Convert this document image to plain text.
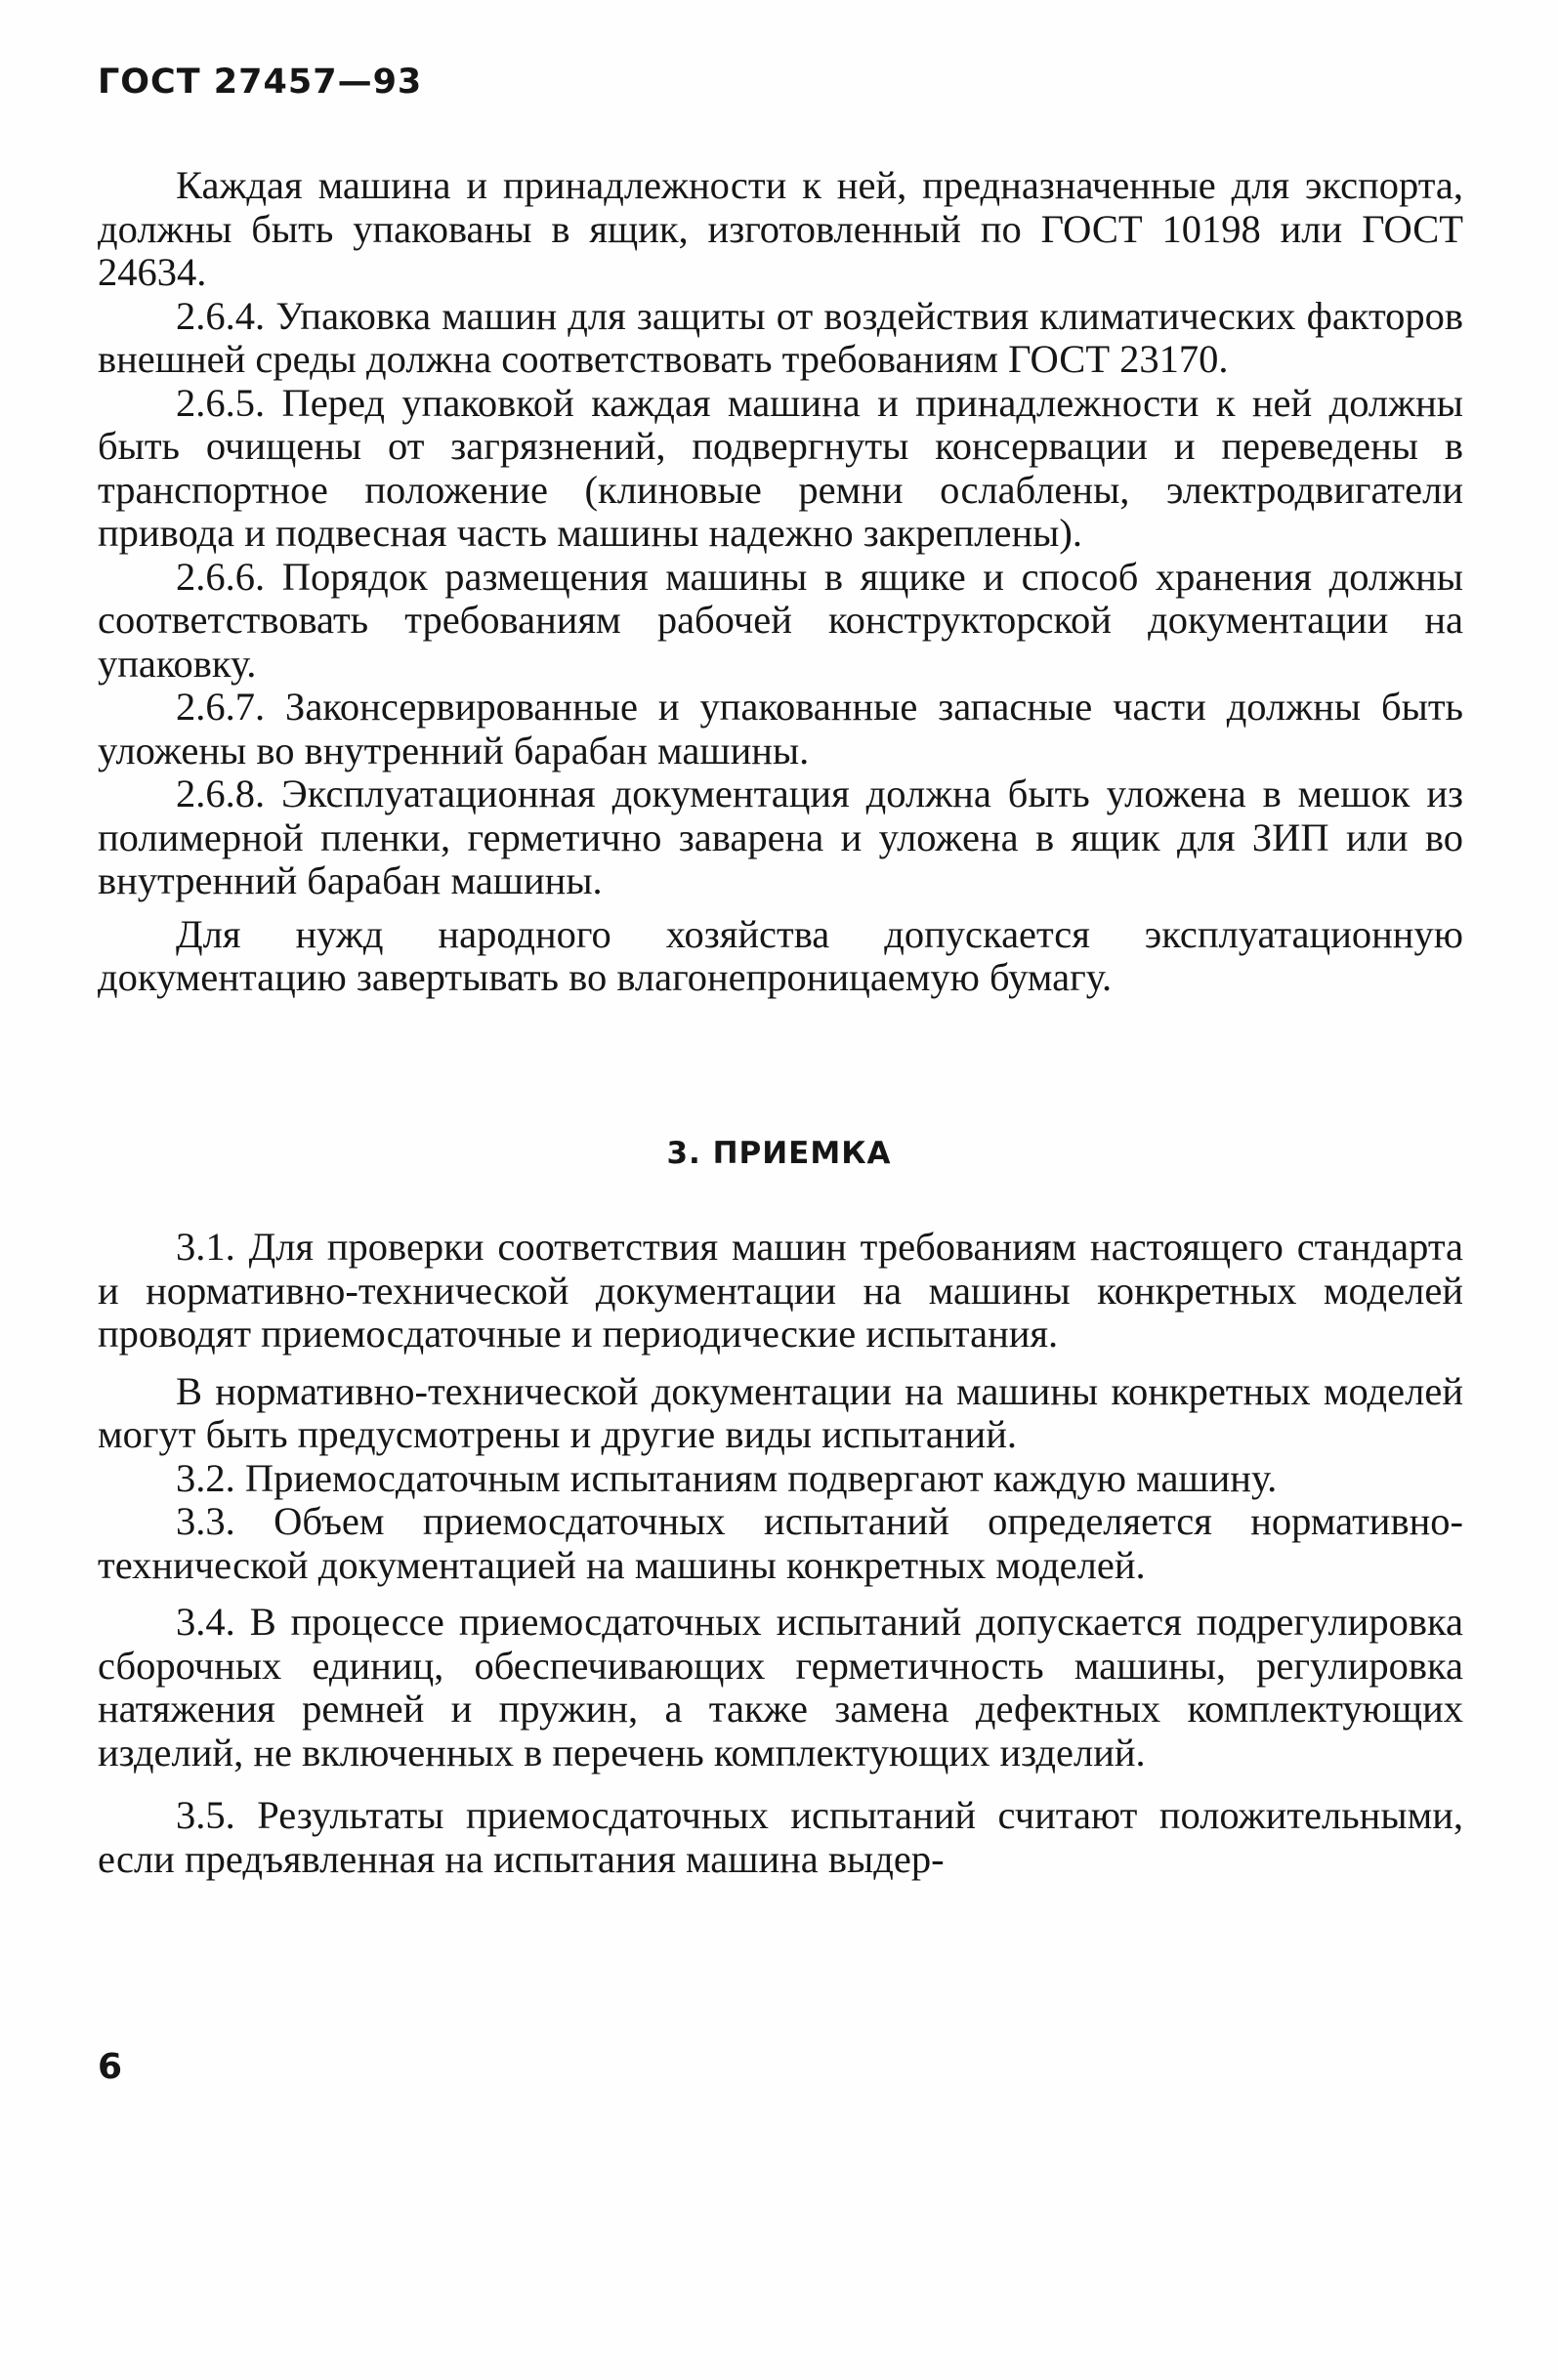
ГОСТ 27457—93

Каждая машина и принадлежности к ней, предназначенные для экспорта, должны быть упакованы в ящик, изготовленный по ГОСТ 10198 или ГОСТ 24634.

2.6.4. Упаковка машин для защиты от воздействия климатических факторов внешней среды должна соответствовать требованиям ГОСТ 23170.

2.6.5. Перед упаковкой каждая машина и принадлежности к ней должны быть очищены от загрязнений, подвергнуты консервации и переведены в транспортное положение (клиновые ремни ослаблены, электродвигатели привода и подвесная часть машины надежно закреплены).

2.6.6. Порядок размещения машины в ящике и способ хранения должны соответствовать требованиям рабочей конструкторской документации на упаковку.

2.6.7. Законсервированные и упакованные запасные части должны быть уложены во внутренний барабан машины.

2.6.8. Эксплуатационная документация должна быть уложена в мешок из полимерной пленки, герметично заварена и уложена в ящик для ЗИП или во внутренний барабан машины.

Для нужд народного хозяйства допускается эксплуатационную документацию завертывать во влагонепроницаемую бумагу.

3. ПРИЕМКА

3.1. Для проверки соответствия машин требованиям настоящего стандарта и нормативно-технической документации на машины конкретных моделей проводят приемосдаточные и периодические испытания.

В нормативно-технической документации на машины конкретных моделей могут быть предусмотрены и другие виды испытаний.

3.2. Приемосдаточным испытаниям подвергают каждую машину.

3.3. Объем приемосдаточных испытаний определяется нормативно-технической документацией на машины конкретных моделей.

3.4. В процессе приемосдаточных испытаний допускается подрегулировка сборочных единиц, обеспечивающих герметичность машины, регулировка натяжения ремней и пружин, а также замена дефектных комплектующих изделий, не включенных в перечень комплектующих изделий.

3.5. Результаты приемосдаточных испытаний считают положительными, если предъявленная на испытания машина выдер-

6
